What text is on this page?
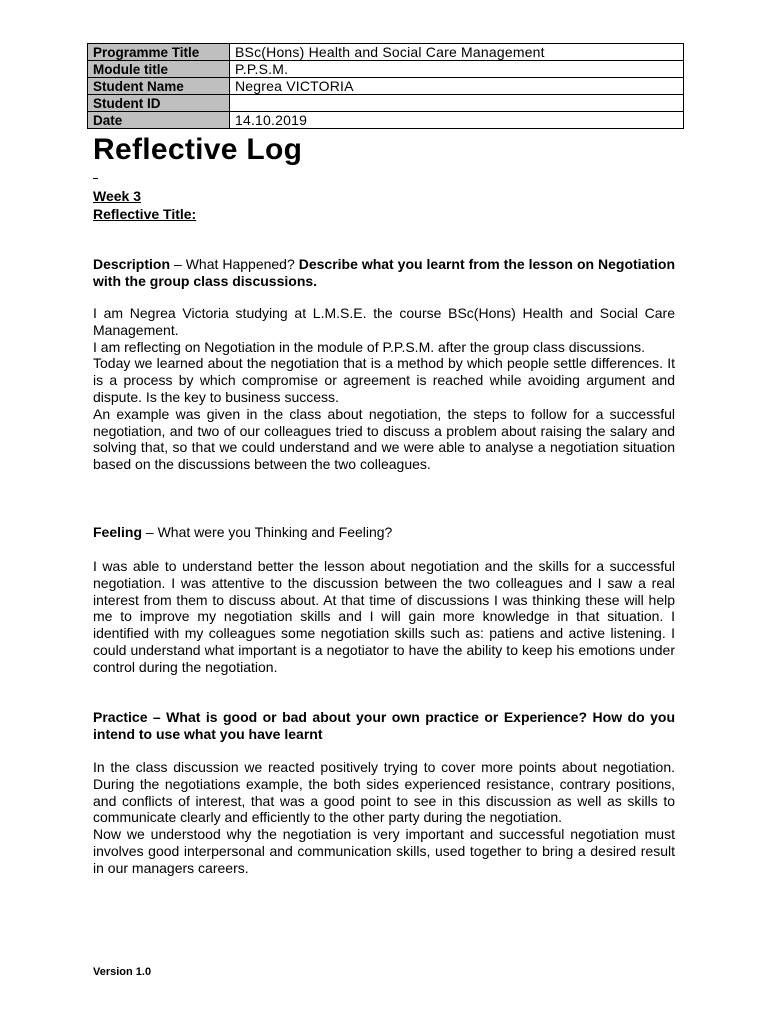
Programme Title	BSc(Hons) Health and Social Care Management
Module title	P.P.S.M.
Student Name	Negrea VICTORIA
Student ID	
Date	14.10.2019
Reflective Log
Week 3
Reflective Title:

Description – What Happened? Describe what you learnt from the lesson on Negotiation with the group class discussions.

I am Negrea Victoria studying at L.M.S.E. the course BSc(Hons) Health and Social Care Management.

I am reflecting on Negotiation in the module of P.P.S.M. after the group class discussions.

Today we learned about the negotiation that is a method by which people settle differences. It is a process by which compromise or agreement is reached while avoiding argument and dispute. Is the key to business success.

An example was given in the class about negotiation, the steps to follow for a successful negotiation, and two of our colleagues tried to discuss a problem about raising the salary and solving that, so that we could understand and we were able to analyse a negotiation situation based on the discussions between the two colleagues.

Feeling – What were you Thinking and Feeling?

I was able to understand better the lesson about negotiation and the skills for a successful negotiation. I was attentive to the discussion between the two colleagues and I saw a real interest from them to discuss about. At that time of discussions I was thinking these will help me to improve my negotiation skills and I will gain more knowledge in that situation. I identified with my colleagues some negotiation skills such as: patiens and active listening. I could understand what important is a negotiator to have the ability to keep his emotions under control during the negotiation.

Practice – What is good or bad about your own practice or Experience? How do you intend to use what you have learnt

In the class discussion we reacted positively trying to cover more points about negotiation. During the negotiations example, the both sides experienced resistance, contrary positions, and conflicts of interest, that was a good point to see in this discussion as well as skills to communicate clearly and efficiently to the other party during the negotiation.

Now we understood why the negotiation is very important and successful negotiation must involves good interpersonal and communication skills, used together to bring a desired result in our managers careers.

Version 1.0
